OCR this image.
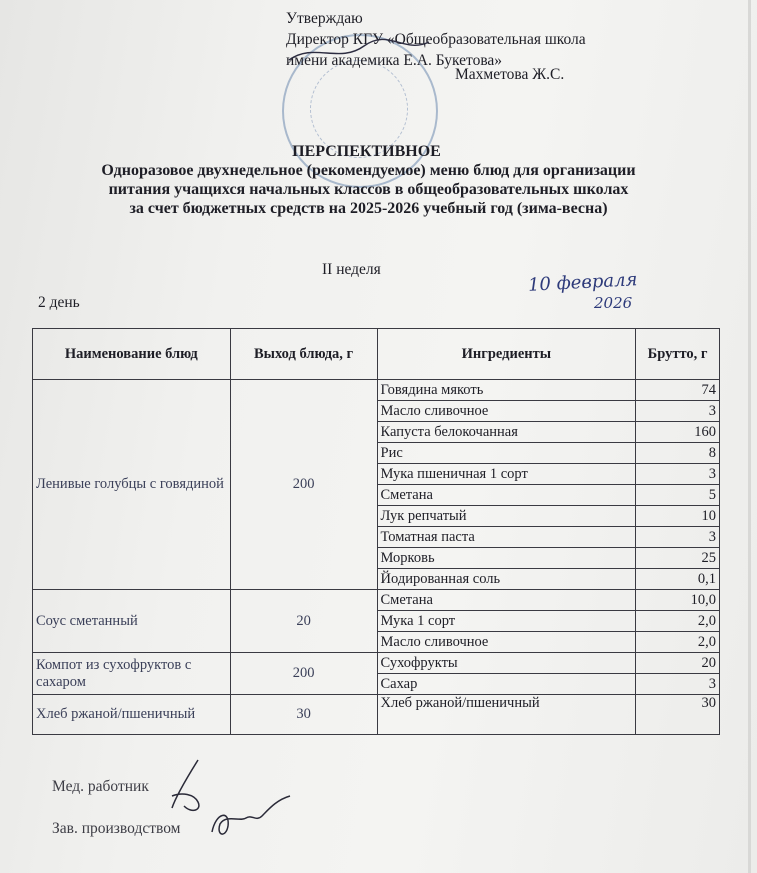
Утверждаю
Директор КГУ «Общеобразовательная школа
имени академика Е.А. Букетова»
Махметова Ж.С.
ПЕРСПЕКТИВНОЕ
Одноразовое двухнедельное (рекомендуемое) меню блюд для организации
питания учащихся начальных классов в общеобразовательных школах
за счет бюджетных средств на 2025-2026 учебный год (зима-весна)
II неделя
2 день
10 февраля
2026
Наименование блюд	Выход блюда, г	Ингредиенты	Брутто, г
Ленивые голубцы с говядиной	200	Говядина мякоть	74
		Масло сливочное	3
		Капуста белокочанная	160
		Рис	8
		Мука пшеничная 1 сорт	3
		Сметана	5
		Лук репчатый	10
		Томатная паста	3
		Морковь	25
		Йодированная соль	0,1
Соус сметанный	20	Сметана	10,0
		Мука 1 сорт	2,0
		Масло сливочное	2,0
Компот из сухофруктов с сахаром	200	Сухофрукты	20
		Сахар	3
Хлеб ржаной/пшеничный	30	Хлеб ржаной/пшеничный	30
Мед. работник
Зав. производством
